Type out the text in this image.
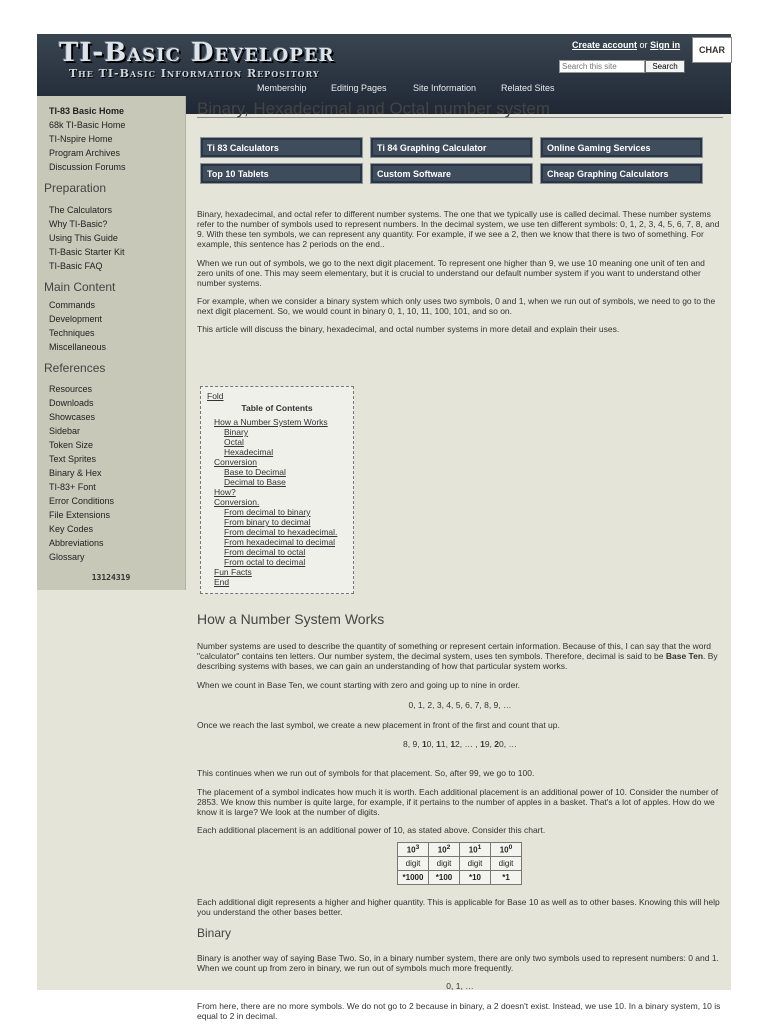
TI-Basic Developer
The TI-Basic Information Repository
Create account or Sign in	CHAR
Search this site
Search
Membership	Editing Pages	Site Information	Related Sites
TI-83 Basic Home
68k TI-Basic Home
TI-Nspire Home
Program Archives
Discussion Forums
Preparation
The Calculators
Why TI-Basic?
Using This Guide
TI-Basic Starter Kit
TI-Basic FAQ
Main Content
Commands
Development
Techniques
Miscellaneous
References
Resources
Downloads
Showcases
Sidebar
Token Size
Text Sprites
Binary & Hex
TI-83+ Font
Error Conditions
File Extensions
Key Codes
Abbreviations
Glossary
13124319
Binary, Hexadecimal and Octal number system
Ti 83 Calculators	Ti 84 Graphing Calculator	Online Gaming Services
Top 10 Tablets	Custom Software	Cheap Graphing Calculators

Binary, hexadecimal, and octal refer to different number systems. The one that we typically use is called decimal. These number systems refer to the number of symbols used to represent numbers. In the decimal system, we use ten different symbols: 0, 1, 2, 3, 4, 5, 6, 7, 8, and 9. With these ten symbols, we can represent any quantity. For example, if we see a 2, then we know that there is two of something. For example, this sentence has 2 periods on the end..

When we run out of symbols, we go to the next digit placement. To represent one higher than 9, we use 10 meaning one unit of ten and zero units of one. This may seem elementary, but it is crucial to understand our default number system if you want to understand other number systems.

For example, when we consider a binary system which only uses two symbols, 0 and 1, when we run out of symbols, we need to go to the next digit placement. So, we would count in binary 0, 1, 10, 11, 100, 101, and so on.

This article will discuss the binary, hexadecimal, and octal number systems in more detail and explain their uses.

Fold
Table of Contents
How a Number System Works
Binary
Octal
Hexadecimal
Conversion
Base to Decimal
Decimal to Base
How?
Conversion.
From decimal to binary
From binary to decimal
From decimal to hexadecimal.
From hexadecimal to decimal
From decimal to octal
From octal to decimal
Fun Facts
End
How a Number System Works

Number systems are used to describe the quantity of something or represent certain information. Because of this, I can say that the word "calculator" contains ten letters. Our number system, the decimal system, uses ten symbols. Therefore, decimal is said to be Base Ten. By describing systems with bases, we can gain an understanding of how that particular system works.

When we count in Base Ten, we count starting with zero and going up to nine in order.

0, 1, 2, 3, 4, 5, 6, 7, 8, 9, …

Once we reach the last symbol, we create a new placement in front of the first and count that up.

8, 9, 10, 11, 12, … , 19, 20, …

This continues when we run out of symbols for that placement. So, after 99, we go to 100.

The placement of a symbol indicates how much it is worth. Each additional placement is an additional power of 10. Consider the number of 2853. We know this number is quite large, for example, if it pertains to the number of apples in a basket. That's a lot of apples. How do we know it is large? We look at the number of digits.

Each additional placement is an additional power of 10, as stated above. Consider this chart.

$10^3$	$10^2$	$10^1$	$10^0$
digit	digit	digit	digit
*1000	*100	*10	*1

Each additional digit represents a higher and higher quantity. This is applicable for Base 10 as well as to other bases. Knowing this will help you understand the other bases better.

Binary

Binary is another way of saying Base Two. So, in a binary number system, there are only two symbols used to represent numbers: 0 and 1. When we count up from zero in binary, we run out of symbols much more frequently.

0, 1, …

From here, there are no more symbols. We do not go to 2 because in binary, a 2 doesn't exist. Instead, we use 10. In a binary system, 10 is equal to 2 in decimal.
